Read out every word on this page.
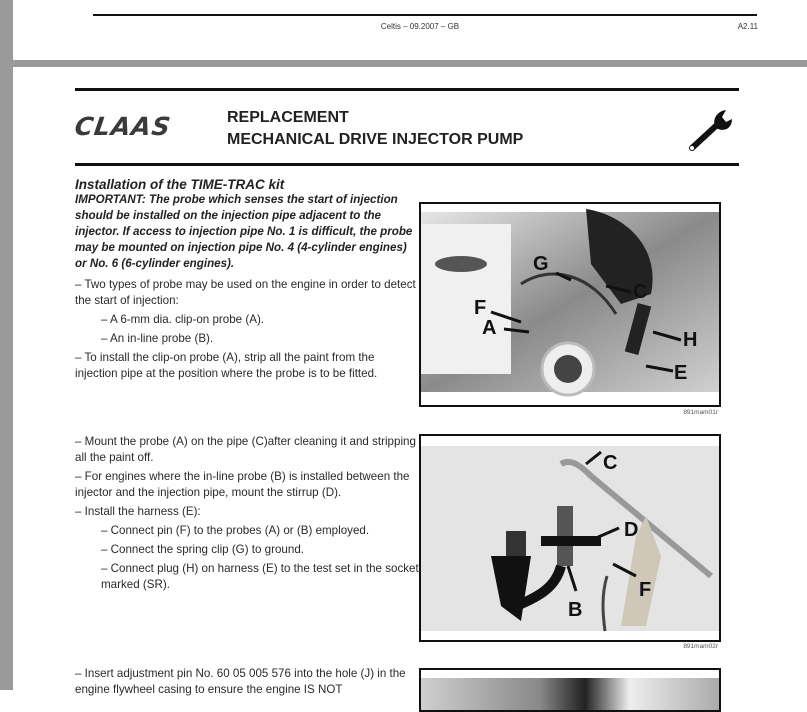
Celtis – 09.2007 – GB	A2.11
CLAAS	REPLACEMENT
MECHANICAL DRIVE INJECTOR PUMP
Installation of the TIME-TRAC kit
IMPORTANT: The probe which senses the start of injection should be installed on the injection pipe adjacent to the injector. If access to injection pipe No. 1 is difficult, the probe may be mounted on injection pipe No. 4 (4-cylinder engines) or No. 6 (6-cylinder engines).

– Two types of probe may be used on the engine in order to detect the start of injection:

– A 6-mm dia. clip-on probe (A).

– An in-line probe (B).

– To install the clip-on probe (A), strip all the paint from the injection pipe at the position where the probe is to be fitted.

– Mount the probe (A) on the pipe (C)after cleaning it and stripping all the paint off.

– For engines where the in-line probe (B) is installed between the injector and the injection pipe, mount the stirrup (D).

– Install the harness (E):

– Connect pin (F) to the probes (A) or (B) employed.

– Connect the spring clip (G) to ground.

– Connect plug (H) on harness (E) to the test set in the socket marked (SR).

– Insert adjustment pin No. 60 05 005 576 into the hole (J) in the engine flywheel casing to ensure the engine IS NOT

G
C
F
A
H
E
891mam01r
C
D
F
B
891mam02r
